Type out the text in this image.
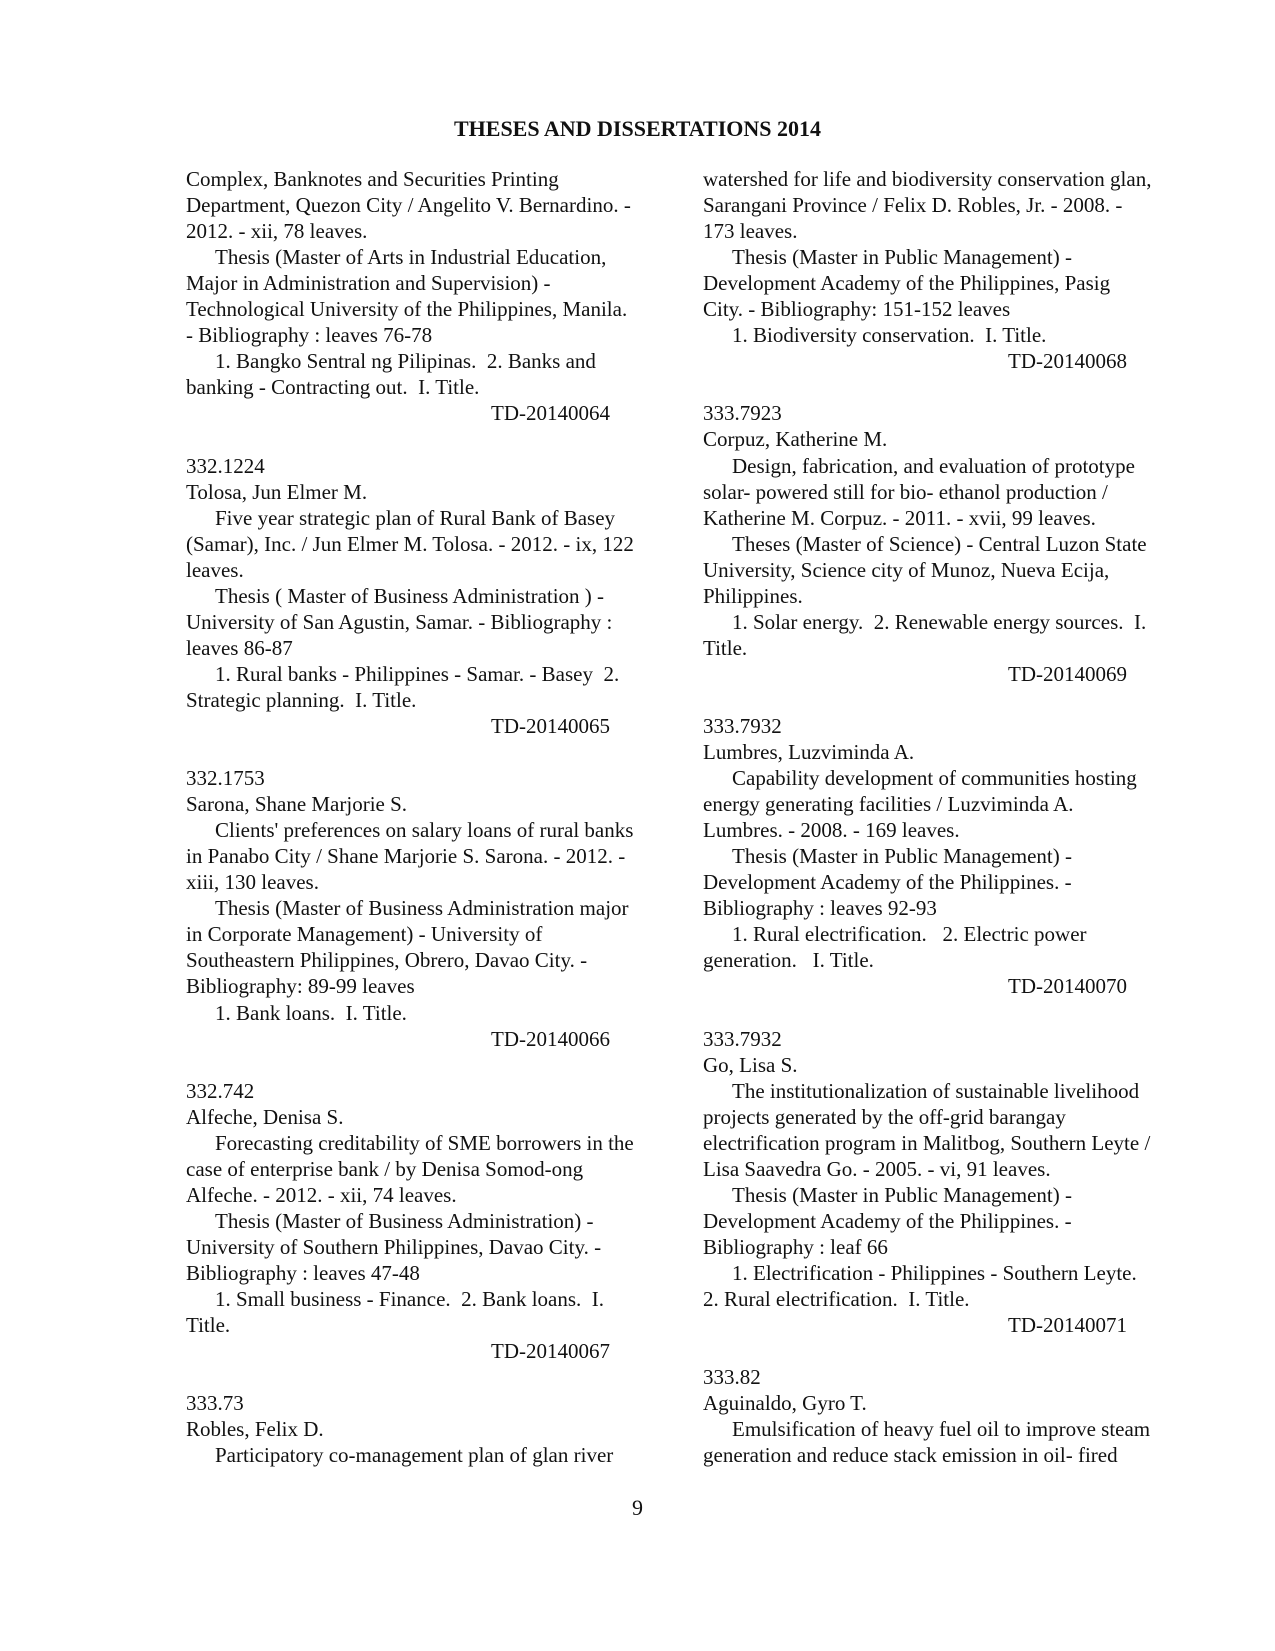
THESES AND DISSERTATIONS 2014
Complex, Banknotes and Securities Printing
Department, Quezon City / Angelito V. Bernardino. -
2012. - xii, 78 leaves.
Thesis (Master of Arts in Industrial Education,
Major in Administration and Supervision) -
Technological University of the Philippines, Manila.
- Bibliography : leaves 76-78
1. Bangko Sentral ng Pilipinas.  2. Banks and
banking - Contracting out.  I. Title.
TD-20140064
332.1224
Tolosa, Jun Elmer M.
Five year strategic plan of Rural Bank of Basey
(Samar), Inc. / Jun Elmer M. Tolosa. - 2012. - ix, 122
leaves.
Thesis ( Master of Business Administration ) -
University of San Agustin, Samar. - Bibliography :
leaves 86-87
1. Rural banks - Philippines - Samar. - Basey  2.
Strategic planning.  I. Title.
TD-20140065
332.1753
Sarona, Shane Marjorie S.
Clients' preferences on salary loans of rural banks
in Panabo City / Shane Marjorie S. Sarona. - 2012. -
xiii, 130 leaves.
Thesis (Master of Business Administration major
in Corporate Management) - University of
Southeastern Philippines, Obrero, Davao City. -
Bibliography: 89-99 leaves
1. Bank loans.  I. Title.
TD-20140066
332.742
Alfeche, Denisa S.
Forecasting creditability of SME borrowers in the
case of enterprise bank / by Denisa Somod-ong
Alfeche. - 2012. - xii, 74 leaves.
Thesis (Master of Business Administration) -
University of Southern Philippines, Davao City. -
Bibliography : leaves 47-48
1. Small business - Finance.  2. Bank loans.  I.
Title.
TD-20140067
333.73
Robles, Felix D.
Participatory co-management plan of glan river
watershed for life and biodiversity conservation glan,
Sarangani Province / Felix D. Robles, Jr. - 2008. -
173 leaves.
Thesis (Master in Public Management) -
Development Academy of the Philippines, Pasig
City. - Bibliography: 151-152 leaves
1. Biodiversity conservation.  I. Title.
TD-20140068
333.7923
Corpuz, Katherine M.
Design, fabrication, and evaluation of prototype
solar- powered still for bio- ethanol production /
Katherine M. Corpuz. - 2011. - xvii, 99 leaves.
Theses (Master of Science) - Central Luzon State
University, Science city of Munoz, Nueva Ecija,
Philippines.
1. Solar energy.  2. Renewable energy sources.  I.
Title.
TD-20140069
333.7932
Lumbres, Luzviminda A.
Capability development of communities hosting
energy generating facilities / Luzviminda A.
Lumbres. - 2008. - 169 leaves.
Thesis (Master in Public Management) -
Development Academy of the Philippines. -
Bibliography : leaves 92-93
1. Rural electrification.   2. Electric power
generation.   I. Title.
TD-20140070
333.7932
Go, Lisa S.
The institutionalization of sustainable livelihood
projects generated by the off-grid barangay
electrification program in Malitbog, Southern Leyte /
Lisa Saavedra Go. - 2005. - vi, 91 leaves.
Thesis (Master in Public Management) -
Development Academy of the Philippines. -
Bibliography : leaf 66
1. Electrification - Philippines - Southern Leyte.
2. Rural electrification.  I. Title.
TD-20140071
333.82
Aguinaldo, Gyro T.
Emulsification of heavy fuel oil to improve steam
generation and reduce stack emission in oil- fired
9
